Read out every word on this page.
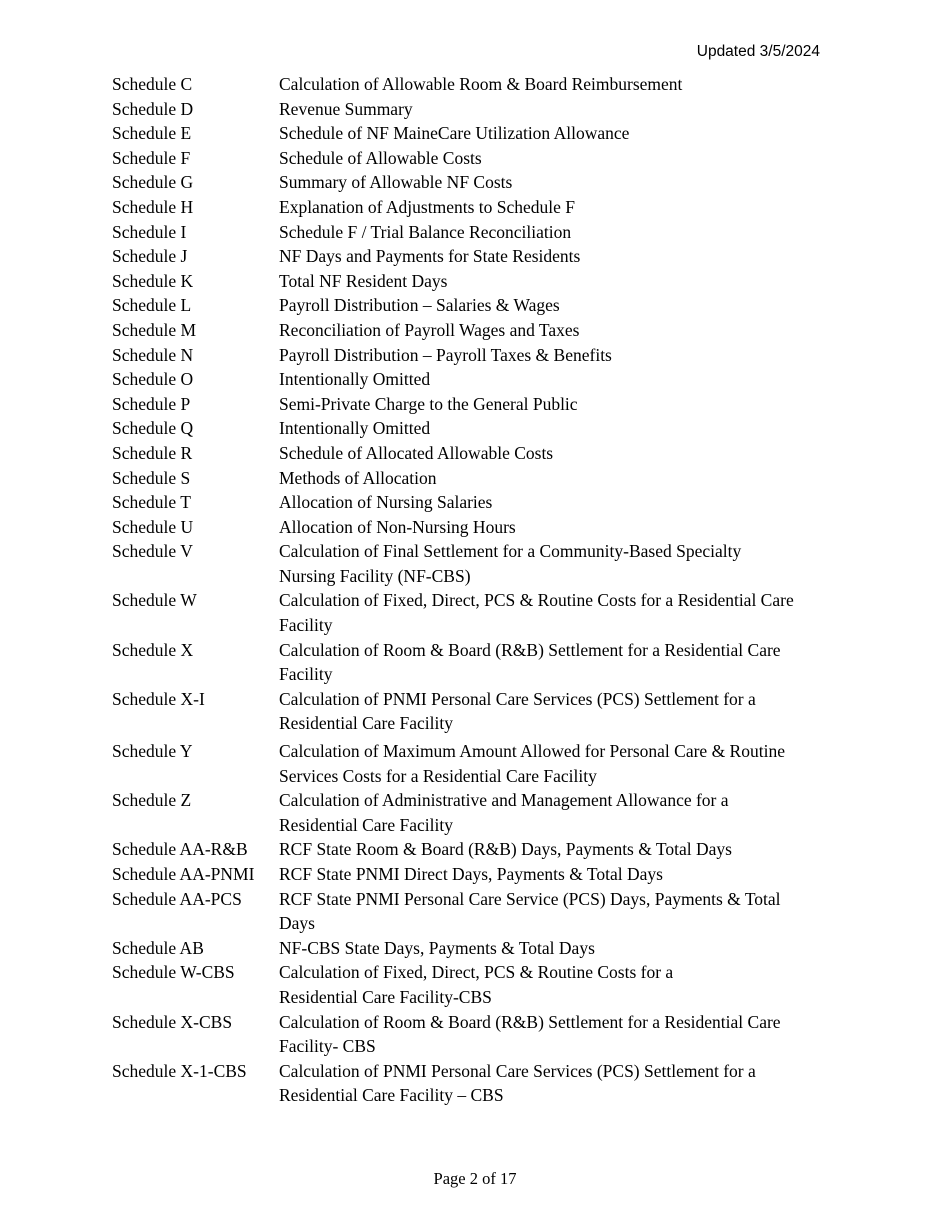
Updated 3/5/2024
Schedule C	Calculation of Allowable Room & Board Reimbursement
Schedule D	Revenue Summary
Schedule E	Schedule of NF MaineCare Utilization Allowance
Schedule F	Schedule of Allowable Costs
Schedule G	Summary of Allowable NF Costs
Schedule H	Explanation of Adjustments to Schedule F
Schedule I	Schedule F / Trial Balance Reconciliation
Schedule J	NF Days and Payments for State Residents
Schedule K	Total NF Resident Days
Schedule L	Payroll Distribution – Salaries & Wages
Schedule M	Reconciliation of Payroll Wages and Taxes
Schedule N	Payroll Distribution – Payroll Taxes & Benefits
Schedule O	Intentionally Omitted
Schedule P	Semi-Private Charge to the General Public
Schedule Q	Intentionally Omitted
Schedule R	Schedule of Allocated Allowable Costs
Schedule S	Methods of Allocation
Schedule T	Allocation of Nursing Salaries
Schedule U	Allocation of Non-Nursing Hours
Schedule V	Calculation of Final Settlement for a Community-Based Specialty
Nursing Facility (NF-CBS)
Schedule W	Calculation of Fixed, Direct, PCS & Routine Costs for a Residential Care
Facility
Schedule X	Calculation of Room & Board (R&B) Settlement for a Residential Care
Facility
Schedule X-I	Calculation of PNMI Personal Care Services (PCS) Settlement for a
Residential Care Facility
Schedule Y	Calculation of Maximum Amount Allowed for Personal Care & Routine
Services Costs for a Residential Care Facility
Schedule Z	Calculation of Administrative and Management Allowance for a
Residential Care Facility
Schedule AA-R&B	RCF State Room & Board (R&B) Days, Payments & Total Days
Schedule AA-PNMI	RCF State PNMI Direct Days, Payments & Total Days
Schedule AA-PCS	RCF State PNMI Personal Care Service (PCS) Days, Payments & Total
Days
Schedule AB	NF-CBS State Days, Payments & Total Days
Schedule W-CBS	Calculation of Fixed, Direct, PCS & Routine Costs for a
Residential Care Facility-CBS
Schedule X-CBS	Calculation of Room & Board (R&B) Settlement for a Residential Care
Facility- CBS
Schedule X-1-CBS	Calculation of PNMI Personal Care Services (PCS) Settlement for a
Residential Care Facility – CBS
Page 2 of 17
